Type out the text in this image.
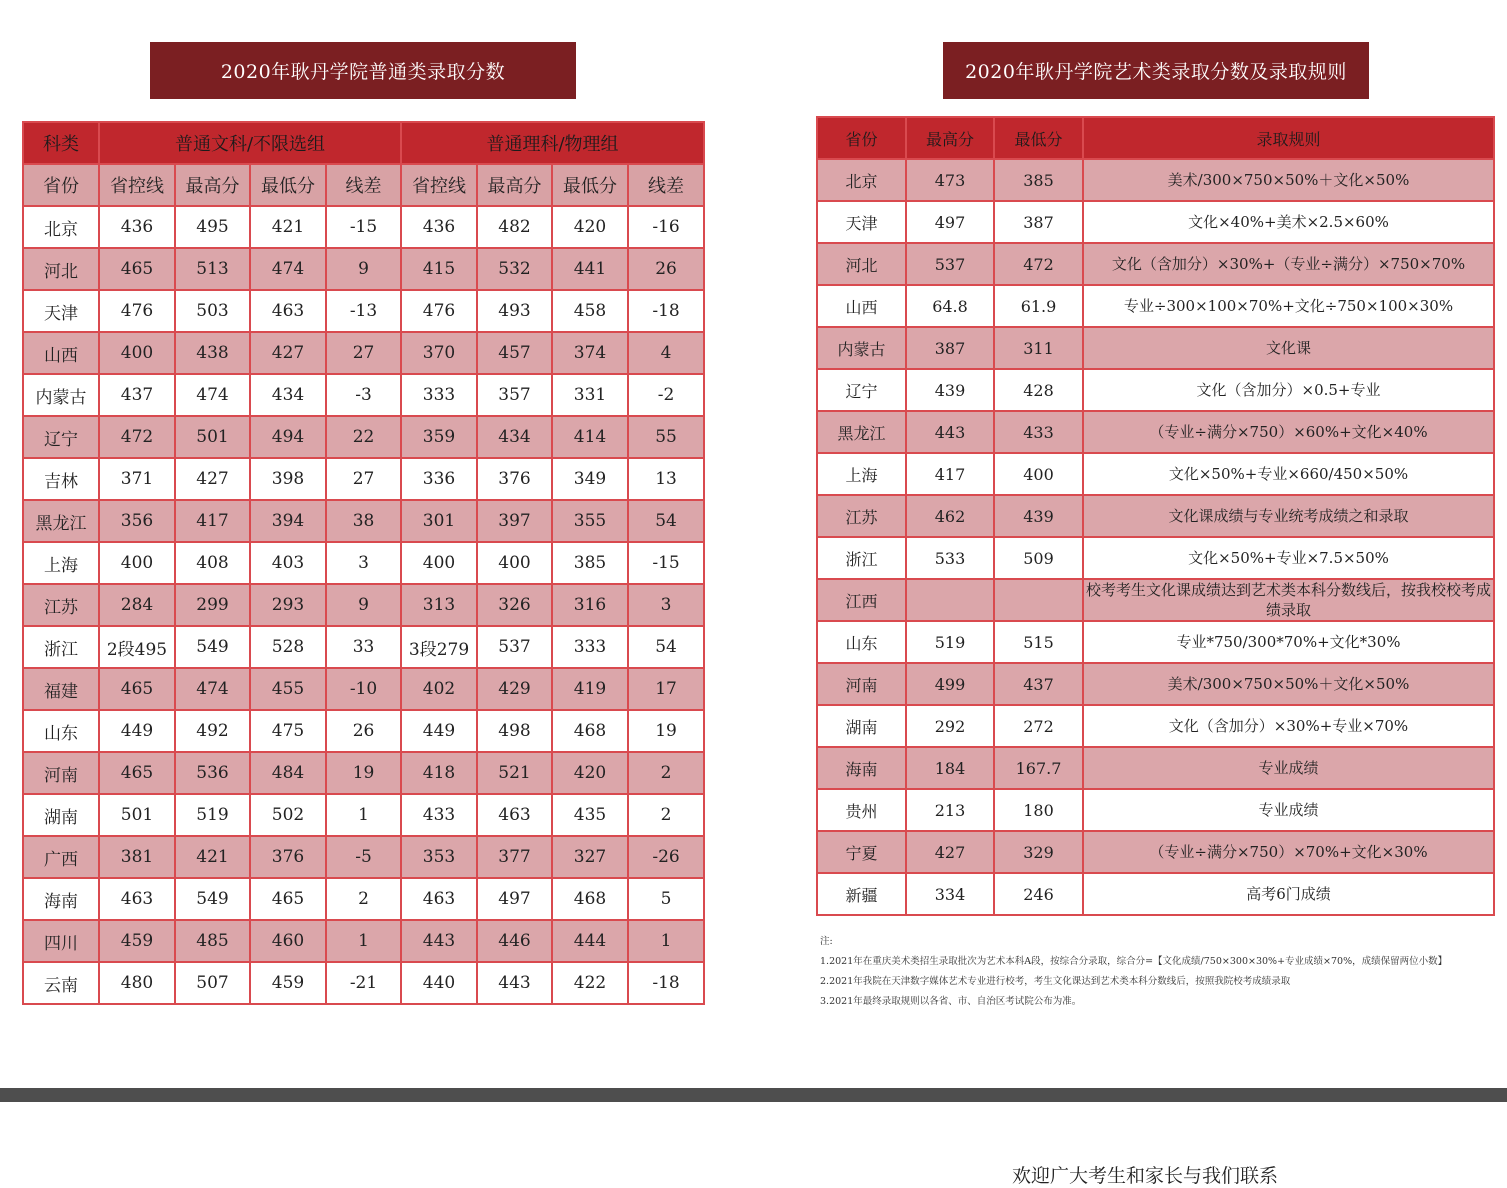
2020年耿丹学院普通类录取分数	2020年耿丹学院艺术类录取分数及录取规则
科类	普通文科/不限选组				普通理科/物理组			
省份	省控线	最高分	最低分	线差	省控线	最高分	最低分	线差
北京	436	495	421	-15	436	482	420	-16
河北	465	513	474	9	415	532	441	26
天津	476	503	463	-13	476	493	458	-18
山西	400	438	427	27	370	457	374	4
内蒙古	437	474	434	-3	333	357	331	-2
辽宁	472	501	494	22	359	434	414	55
吉林	371	427	398	27	336	376	349	13
黑龙江	356	417	394	38	301	397	355	54
上海	400	408	403	3	400	400	385	-15
江苏	284	299	293	9	313	326	316	3
浙江	2段495	549	528	33	3段279	537	333	54
福建	465	474	455	-10	402	429	419	17
山东	449	492	475	26	449	498	468	19
河南	465	536	484	19	418	521	420	2
湖南	501	519	502	1	433	463	435	2
广西	381	421	376	-5	353	377	327	-26
海南	463	549	465	2	463	497	468	5
四川	459	485	460	1	443	446	444	1
云南	480	507	459	-21	440	443	422	-18
省份	最高分	最低分	录取规则
北京	473	385	美术/300×750×50%＋文化×50%
天津	497	387	文化×40%+美术×2.5×60%
河北	537	472	文化（含加分）×30%+（专业÷满分）×750×70%
山西	64.8	61.9	专业÷300×100×70%+文化÷750×100×30%
内蒙古	387	311	文化课
辽宁	439	428	文化（含加分）×0.5+专业
黑龙江	443	433	（专业÷满分×750）×60%+文化×40%
上海	417	400	文化×50%+专业×660/450×50%
江苏	462	439	文化课成绩与专业统考成绩之和录取
浙江	533	509	文化×50%+专业×7.5×50%
江西			校考考生文化课成绩达到艺术类本科分数线后，按我校校考成绩录取
山东	519	515	专业*750/300*70%+文化*30%
河南	499	437	美术/300×750×50%＋文化×50%
湖南	292	272	文化（含加分）×30%+专业×70%
海南	184	167.7	专业成绩
贵州	213	180	专业成绩
宁夏	427	329	（专业÷满分×750）×70%+文化×30%
新疆	334	246	高考6门成绩
注:
1.2021年在重庆美术类招生录取批次为艺术本科A段，按综合分录取，综合分=【文化成绩/750×300×30%+专业成绩×70%，成绩保留两位小数】
2.2021年我院在天津数字媒体艺术专业进行校考，考生文化课达到艺术类本科分数线后，按照我院校考成绩录取
3.2021年最终录取规则以各省、市、自治区考试院公布为准。
欢迎广大考生和家长与我们联系
